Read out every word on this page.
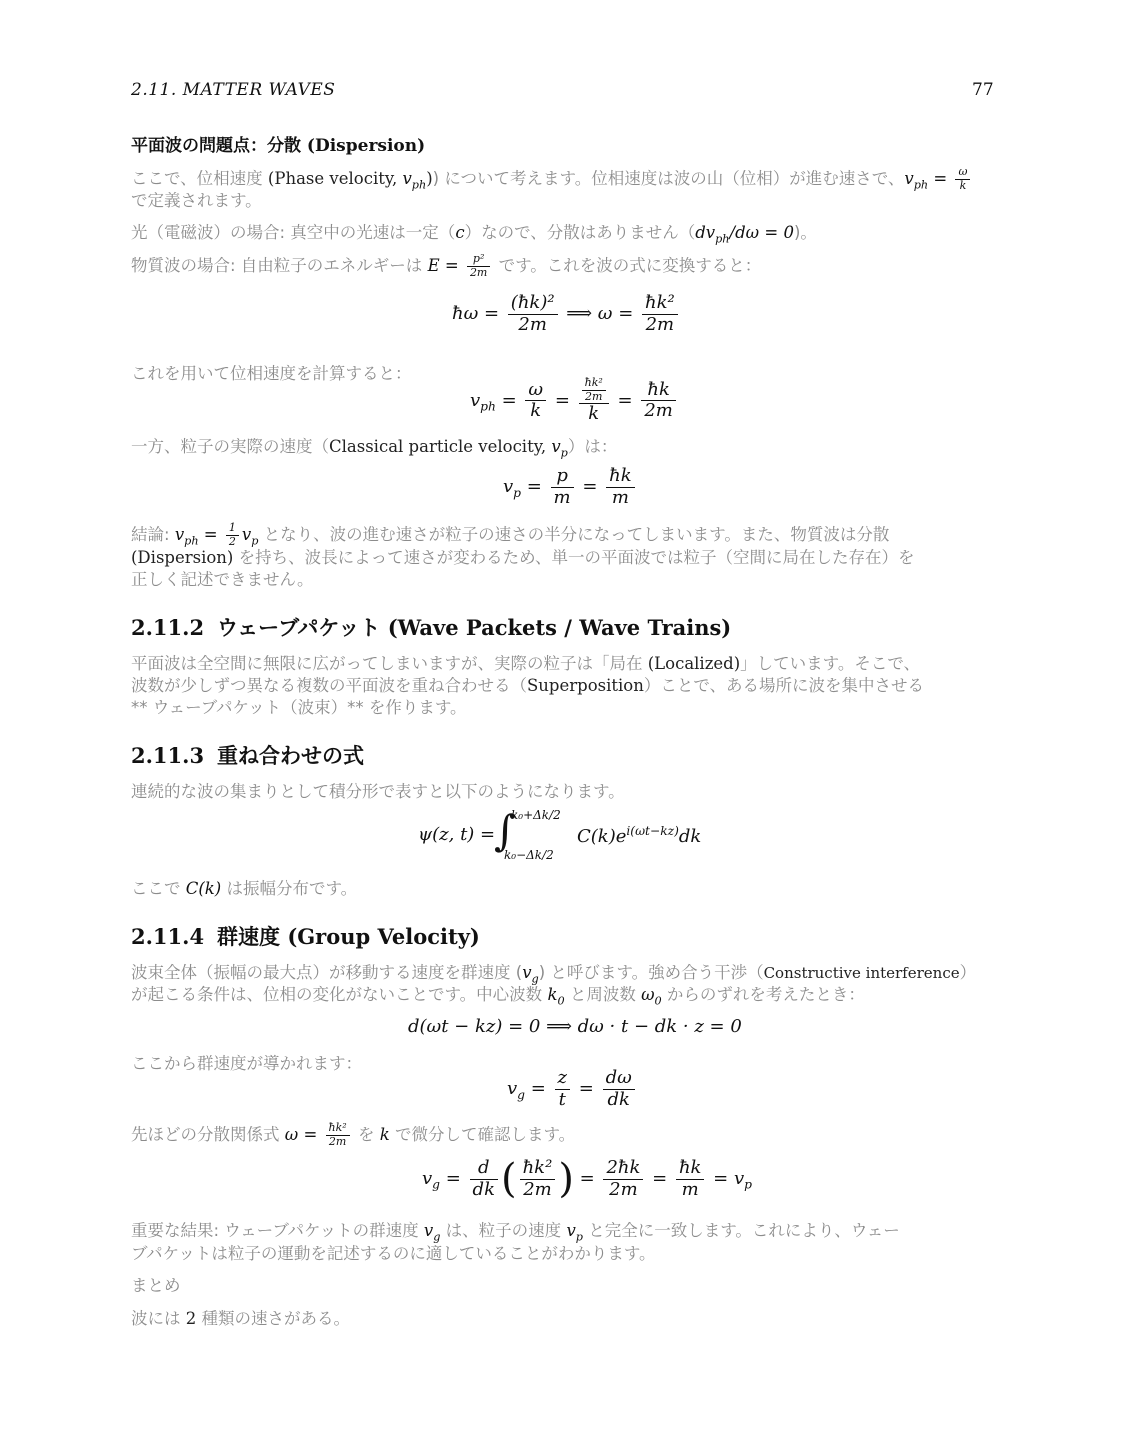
2.11. MATTER WAVES	77
平面波の問題点：分散 (Dispersion)
ここで、位相速度 (Phase velocity, $v_{ph}$)) について考えます。位相速度は波の山（位相）が進む速さで、$v_{ph} = \frac{\omega}{k}$
で定義されます。
光（電磁波）の場合: 真空中の光速は一定（c）なので、分散はありません$(dv_{ph}/d\omega = 0)$。
物質波の場合: 自由粒子のエネルギーは $E = \frac{\text{p²}}{2m}$ です。これを波の式に変換すると：
ħω = $\frac{\text{(ħk)²}}{2m}$ ⟹ $\omega = \frac{\text{ħk²}}{2m}$
これを用いて位相速度を計算すると：
$v_{ph} = \frac{\omega}{k} = \frac{\frac{\text{ħk²}}{2m}}{k} = \frac{ħk}{2m}$
一方、粒子の実際の速度（Classical particle velocity, $v_p$）は：
$v_p = \frac{p}{m} = \frac{ħk}{m}$
結論: $v_{ph} = \frac{1}{2} v_p$ となり、波の進む速さが粒子の速さの半分になってしまいます。また、物質波は分散
(Dispersion) を持ち、波長によって速さが変わるため、単一の平面波では粒子（空間に局在した存在）を
正しく記述できません。
2.11.2 ウェーブパケット (Wave Packets / Wave Trains)
平面波は全空間に無限に広がってしまいますが、実際の粒子は「局在 (Localized)」しています。そこで、
波数が少しずつ異なる複数の平面波を重ね合わせる（Superposition）ことで、ある場所に波を集中させる
** ウェーブパケット（波束）** を作ります。
2.11.3 重ね合わせの式
連続的な波の集まりとして積分形で表すと以下のようになります。
ψ(z, t) =
∫
k₀+Δk/2
k₀−Δk/2
$C(k)e^{i(\omega t-kz)}dk$
ここで C(k) は振幅分布です。
2.11.4 群速度 (Group Velocity)
波束全体（振幅の最大点）が移動する速度を群速度 $(v_g)$ と呼びます。強め合う干渉（Constructive interference）
が起こる条件は、位相の変化がないことです。中心波数 $k_0$ と周波数 $\omega_0$ からのずれを考えたとき：
d(ωt − kz) = 0 ⟹ dω · t − dk · z = 0
ここから群速度が導かれます：
$v_g = \frac{z}{t} = \frac{d\omega}{dk}$
先ほどの分散関係式 $\omega = \frac{\text{ħk²}}{2m}$ を k で微分して確認します。
$v_g = \frac{d}{dk}$ ( $\frac{\text{ħk²}}{2m}$ ) = $\frac{2ħk}{2m} = \frac{ħk}{m} = v_p$
重要な結果: ウェーブパケットの群速度 $v_g$ は、粒子の速度 $v_p$ と完全に一致します。これにより、ウェー
ブパケットは粒子の運動を記述するのに適していることがわかります。
まとめ
波には 2 種類の速さがある。
